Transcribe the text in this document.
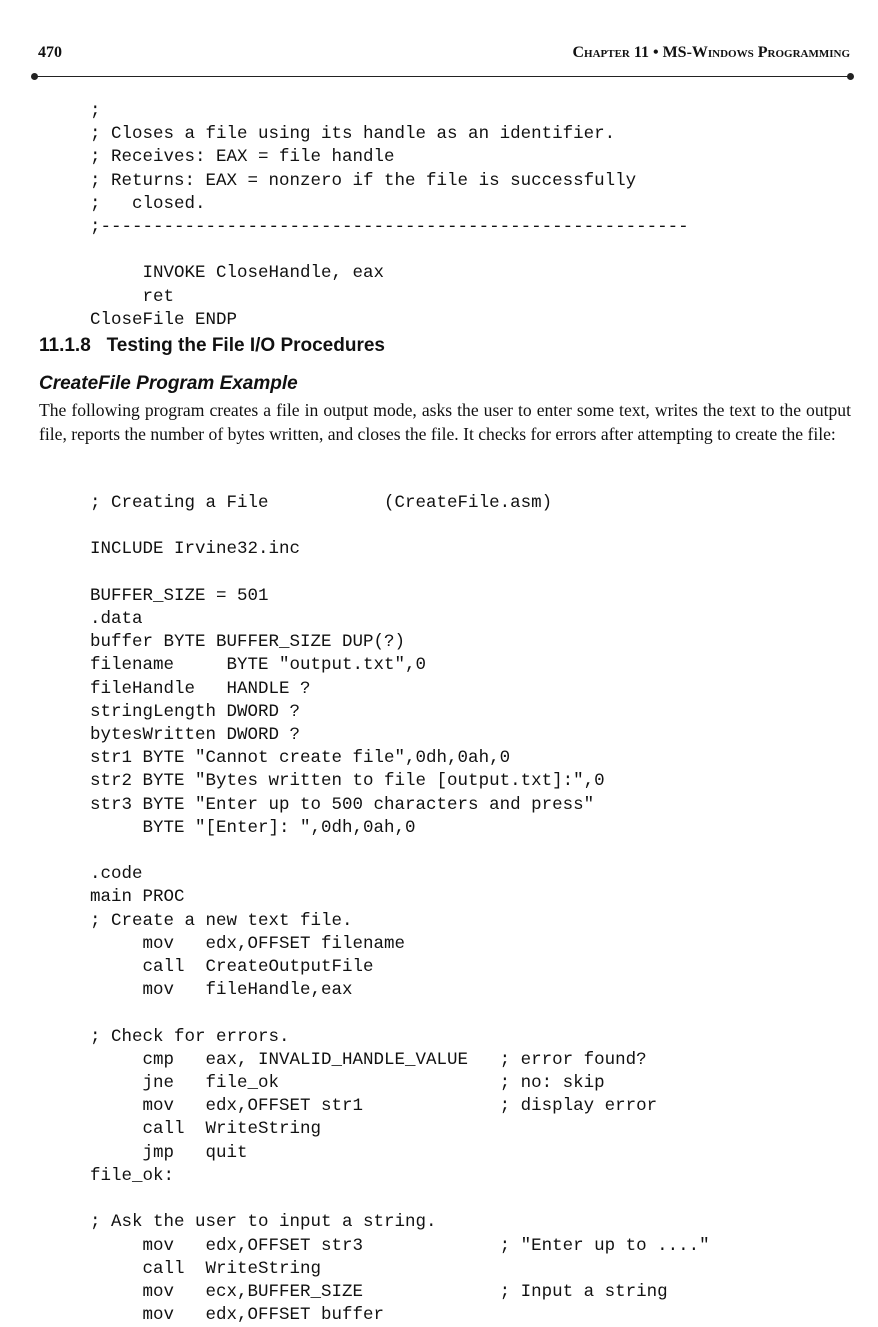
470	Chapter 11 • MS-Windows Programming
;
; Closes a file using its handle as an identifier.
; Receives: EAX = file handle
; Returns: EAX = nonzero if the file is successfully
;   closed.
;--------------------------------------------------------

INVOKE CloseHandle, eax
ret
CloseFile ENDP
11.1.8   Testing the File I/O Procedures
CreateFile Program Example

The following program creates a file in output mode, asks the user to enter some text, writes the text to the output file, reports the number of bytes written, and closes the file. It checks for errors after attempting to create the file:

; Creating a File           (CreateFile.asm)

INCLUDE Irvine32.inc

BUFFER_SIZE = 501
.data
buffer BYTE BUFFER_SIZE DUP(?)
filename     BYTE "output.txt",0
fileHandle   HANDLE ?
stringLength DWORD ?
bytesWritten DWORD ?
str1 BYTE "Cannot create file",0dh,0ah,0
str2 BYTE "Bytes written to file [output.txt]:",0
str3 BYTE "Enter up to 500 characters and press"
BYTE "[Enter]: ",0dh,0ah,0

.code
main PROC
; Create a new text file.
mov   edx,OFFSET filename
call  CreateOutputFile
mov   fileHandle,eax

; Check for errors.
cmp   eax, INVALID_HANDLE_VALUE   ; error found?
jne   file_ok                     ; no: skip
mov   edx,OFFSET str1             ; display error
call  WriteString
jmp   quit
file_ok:

; Ask the user to input a string.
mov   edx,OFFSET str3             ; "Enter up to ...."
call  WriteString
mov   ecx,BUFFER_SIZE             ; Input a string
mov   edx,OFFSET buffer
